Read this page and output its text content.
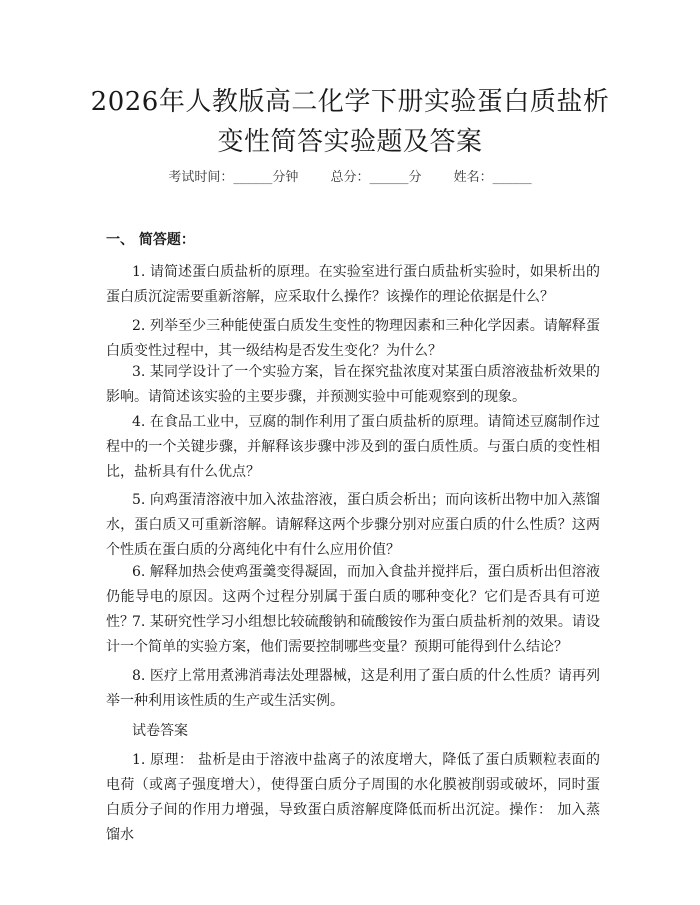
2026年人教版高二化学下册实验蛋白质盐析
变性简答实验题及答案
考试时间：______分钟 总分：______分 姓名：______
一、 简答题：
1. 请简述蛋白质盐析的原理。在实验室进行蛋白质盐析实验时，如果析出的蛋白质沉淀需要重新溶解，应采取什么操作？该操作的理论依据是什么？
2. 列举至少三种能使蛋白质发生变性的物理因素和三种化学因素。请解释蛋白质变性过程中，其一级结构是否发生变化？为什么？
3. 某同学设计了一个实验方案，旨在探究盐浓度对某蛋白质溶液盐析效果的影响。请简述该实验的主要步骤，并预测实验中可能观察到的现象。
4. 在食品工业中，豆腐的制作利用了蛋白质盐析的原理。请简述豆腐制作过程中的一个关键步骤，并解释该步骤中涉及到的蛋白质性质。与蛋白质的变性相比，盐析具有什么优点？
5. 向鸡蛋清溶液中加入浓盐溶液，蛋白质会析出；而向该析出物中加入蒸馏水，蛋白质又可重新溶解。请解释这两个步骤分别对应蛋白质的什么性质？这两个性质在蛋白质的分离纯化中有什么应用价值？
6. 解释加热会使鸡蛋羹变得凝固，而加入食盐并搅拌后，蛋白质析出但溶液仍能导电的原因。这两个过程分别属于蛋白质的哪种变化？它们是否具有可逆性？
7. 某研究性学习小组想比较硫酸钠和硫酸铵作为蛋白质盐析剂的效果。请设计一个简单的实验方案，他们需要控制哪些变量？预期可能得到什么结论？
8. 医疗上常用煮沸消毒法处理器械，这是利用了蛋白质的什么性质？请再列举一种利用该性质的生产或生活实例。
试卷答案
1. 原理： 盐析是由于溶液中盐离子的浓度增大，降低了蛋白质颗粒表面的电荷（或离子强度增大），使得蛋白质分子周围的水化膜被削弱或破坏，同时蛋白质分子间的作用力增强，导致蛋白质溶解度降低而析出沉淀。操作： 加入蒸馏水
